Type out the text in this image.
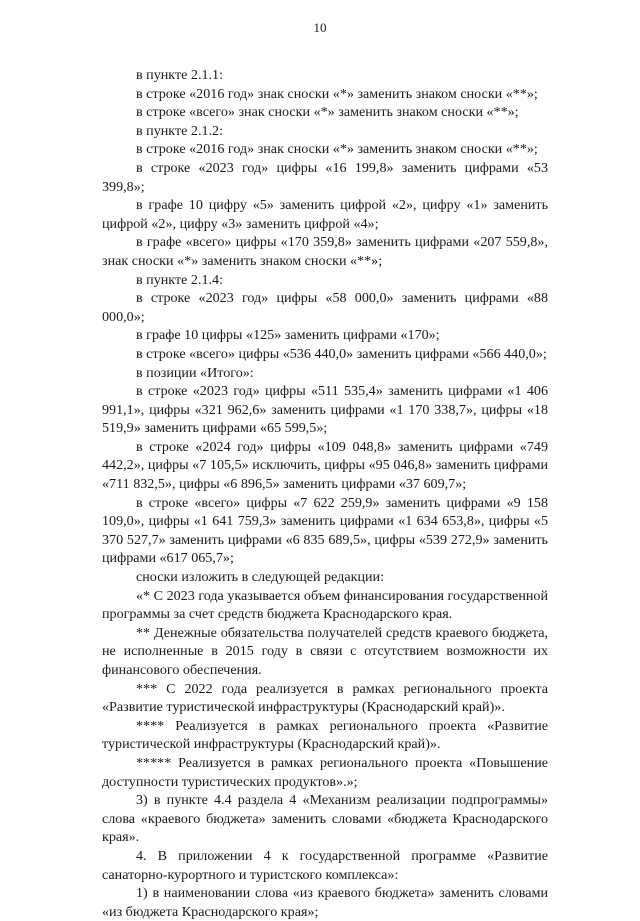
10

в пункте 2.1.1:

в строке «2016 год» знак сноски «*» заменить знаком сноски «**»;

в строке «всего» знак сноски «*» заменить знаком сноски «**»;

в пункте 2.1.2:

в строке «2016 год» знак сноски «*» заменить знаком сноски «**»;

в строке «2023 год» цифры «16 199,8» заменить цифрами «53 399,8»;

в графе 10 цифру «5» заменить цифрой «2», цифру «1» заменить цифрой «2», цифру «3» заменить цифрой «4»;

в графе «всего» цифры «170 359,8» заменить цифрами «207 559,8», знак сноски «*» заменить знаком сноски «**»;

в пункте 2.1.4:

в строке «2023 год» цифры «58 000,0» заменить цифрами «88 000,0»;

в графе 10 цифры «125» заменить цифрами «170»;

в строке «всего» цифры «536 440,0» заменить цифрами «566 440,0»;

в позиции «Итого»:

в строке «2023 год» цифры «511 535,4» заменить цифрами «1 406 991,1», цифры «321 962,6» заменить цифрами «1 170 338,7», цифры «18 519,9» заменить цифрами «65 599,5»;

в строке «2024 год» цифры «109 048,8» заменить цифрами «749 442,2», цифры «7 105,5» исключить, цифры «95 046,8» заменить цифрами «711 832,5», цифры «6 896,5» заменить цифрами «37 609,7»;

в строке «всего» цифры «7 622 259,9» заменить цифрами «9 158 109,0», цифры «1 641 759,3» заменить цифрами «1 634 653,8», цифры «5 370 527,7» заменить цифрами «6 835 689,5», цифры «539 272,9» заменить цифрами «617 065,7»;

сноски изложить в следующей редакции:

«* С 2023 года указывается объем финансирования государственной программы за счет средств бюджета Краснодарского края.

** Денежные обязательства получателей средств краевого бюджета, не исполненные в 2015 году в связи с отсутствием возможности их финансового обеспечения.

*** С 2022 года реализуется в рамках регионального проекта «Развитие туристической инфраструктуры (Краснодарский край)».

**** Реализуется в рамках регионального проекта «Развитие туристической инфраструктуры (Краснодарский край)».

***** Реализуется в рамках регионального проекта «Повышение доступности туристических продуктов».»;

3) в пункте 4.4 раздела 4 «Механизм реализации подпрограммы» слова «краевого бюджета» заменить словами «бюджета Краснодарского края».

4. В приложении 4 к государственной программе «Развитие санаторно-курортного и туристского комплекса»:

1) в наименовании слова «из краевого бюджета» заменить словами «из бюджета Краснодарского края»;
